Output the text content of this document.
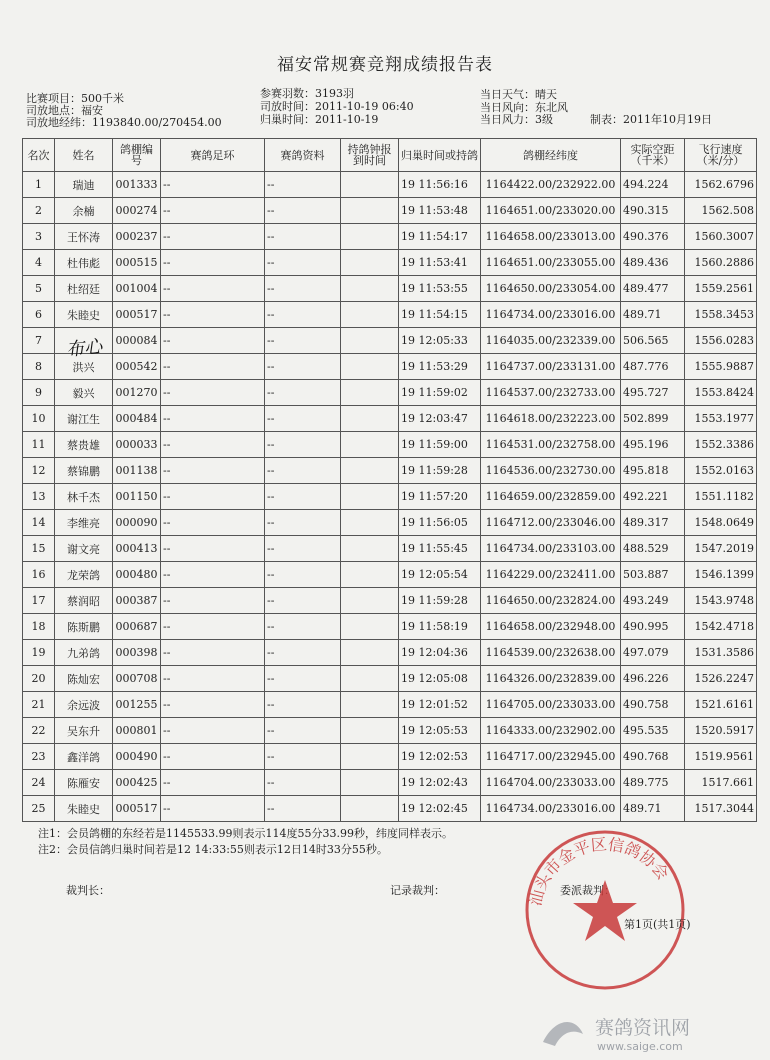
福安常规赛竞翔成绩报告表
比赛项目：500千米
司放地点：福安
司放地经纬：1193840.00/270454.00
参赛羽数：3193羽
司放时间：2011-10-19 06:40
归巢时间：2011-10-19
当日天气：晴天
当日风向：东北风
当日风力：3级	制表：2011年10月19日
名次	姓名	鸽棚编号	赛鸽足环	赛鸽资料	持鸽钟报到时间	归巢时间或持鸽	鸽棚经纬度	实际空距（千米）	飞行速度（米/分）
1	瑞迪	001333	--	--		19 11:56:16	1164422.00/232922.00	494.224	1562.6796
2	余楠	000274	--	--		19 11:53:48	1164651.00/233020.00	490.315	1562.508
3	王怀涛	000237	--	--		19 11:54:17	1164658.00/233013.00	490.376	1560.3007
4	杜伟彪	000515	--	--		19 11:53:41	1164651.00/233055.00	489.436	1560.2886
5	杜绍廷	001004	--	--		19 11:53:55	1164650.00/233054.00	489.477	1559.2561
6	朱睦史	000517	--	--		19 11:54:15	1164734.00/233016.00	489.71	1558.3453
7		000084	--	--		19 12:05:33	1164035.00/232339.00	506.565	1556.0283
8	洪兴	000542	--	--		19 11:53:29	1164737.00/233131.00	487.776	1555.9887
9	毅兴	001270	--	--		19 11:59:02	1164537.00/232733.00	495.727	1553.8424
10	谢江生	000484	--	--		19 12:03:47	1164618.00/232223.00	502.899	1553.1977
11	蔡贵雄	000033	--	--		19 11:59:00	1164531.00/232758.00	495.196	1552.3386
12	蔡锦鹏	001138	--	--		19 11:59:28	1164536.00/232730.00	495.818	1552.0163
13	林千杰	001150	--	--		19 11:57:20	1164659.00/232859.00	492.221	1551.1182
14	李维亮	000090	--	--		19 11:56:05	1164712.00/233046.00	489.317	1548.0649
15	谢文亮	000413	--	--		19 11:55:45	1164734.00/233103.00	488.529	1547.2019
16	龙荣鸽	000480	--	--		19 12:05:54	1164229.00/232411.00	503.887	1546.1399
17	蔡润昭	000387	--	--		19 11:59:28	1164650.00/232824.00	493.249	1543.9748
18	陈斯鹏	000687	--	--		19 11:58:19	1164658.00/232948.00	490.995	1542.4718
19	九弟鸽	000398	--	--		19 12:04:36	1164539.00/232638.00	497.079	1531.3586
20	陈灿宏	000708	--	--		19 12:05:08	1164326.00/232839.00	496.226	1526.2247
21	余远波	001255	--	--		19 12:01:52	1164705.00/233033.00	490.758	1521.6161
22	吴东升	000801	--	--		19 12:05:53	1164333.00/232902.00	495.535	1520.5917
23	鑫洋鸽	000490	--	--		19 12:02:53	1164717.00/232945.00	490.768	1519.9561
24	陈雁安	000425	--	--		19 12:02:43	1164704.00/233033.00	489.775	1517.661
25	朱睦史	000517	--	--		19 12:02:45	1164734.00/233016.00	489.71	1517.3044
布心
注1：会员鸽棚的东经若是1145533.99则表示114度55分33.99秒，纬度同样表示。
注2：会员信鸽归巢时间若是12 14:33:55则表示12日14时33分55秒。
裁判长：	记录裁判：	委派裁判：
汕头市金平区信鸽协会
第1页(共1页)
赛鸽资讯网
www.saige.com
